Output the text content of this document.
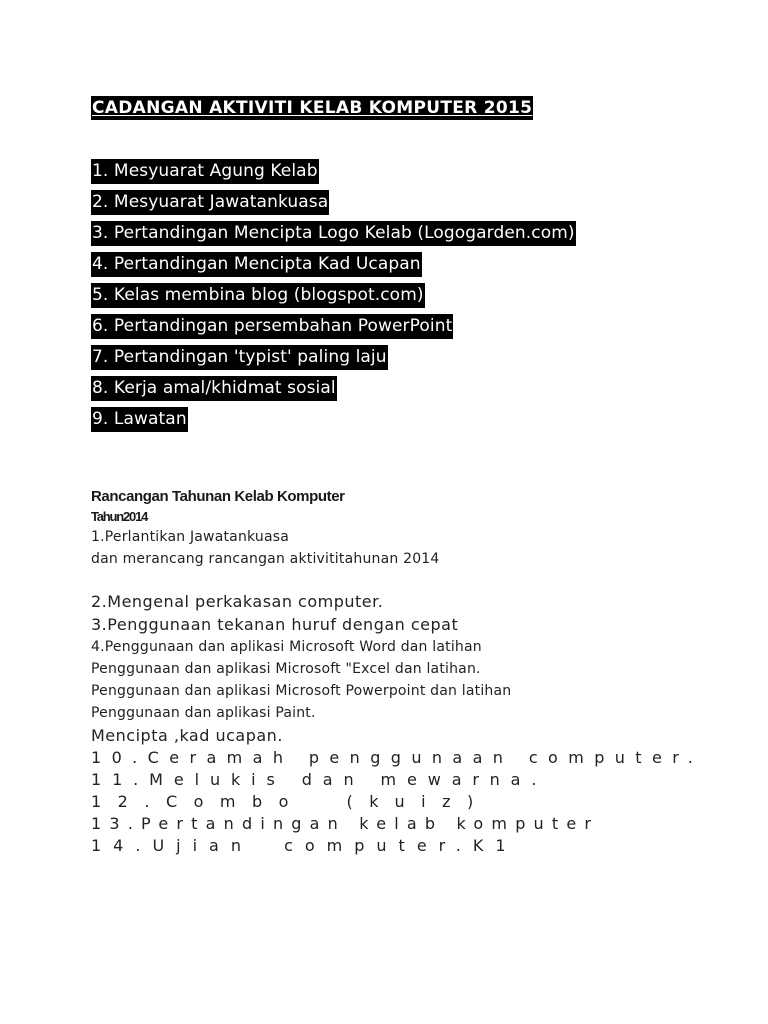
CADANGAN AKTIVITI KELAB KOMPUTER 2015
1. Mesyuarat Agung Kelab
2. Mesyuarat Jawatankuasa
3. Pertandingan Mencipta Logo Kelab (Logogarden.com)
4. Pertandingan Mencipta Kad Ucapan
5. Kelas membina blog (blogspot.com)
6. Pertandingan persembahan PowerPoint
7. Pertandingan 'typist' paling laju
8. Kerja amal/khidmat sosial
9. Lawatan
Rancangan Tahunan Kelab Komputer
Tahun2014
1.Perlantikan Jawatankuasa
dan merancang rancangan aktivititahunan 2014
2.Mengenal perkakasan computer.
3.Penggunaan tekanan huruf dengan cepat
4.Penggunaan dan aplikasi Microsoft Word dan latihan
Penggunaan dan aplikasi Microsoft "Excel dan latihan.
Penggunaan dan aplikasi Microsoft Powerpoint dan latihan
Penggunaan dan aplikasi Paint.
Mencipta ,kad ucapan.
10.Ceramah penggunaan computer.
11.Melukis dan mewarna.
12.Combo (kuiz)
13.Pertandingan kelab komputer
14.Ujian computer.K1
